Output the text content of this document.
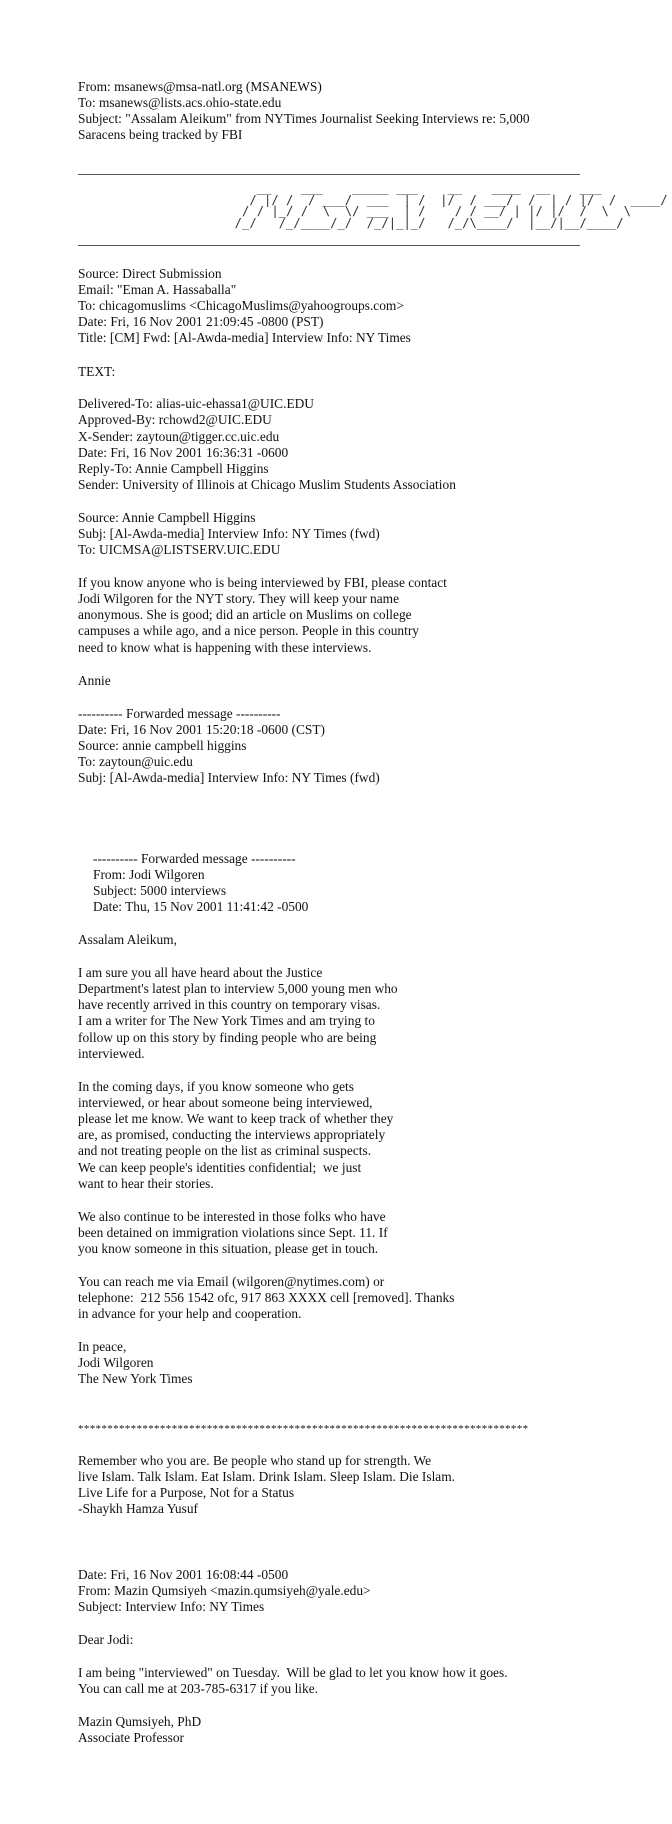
From: msanews@msa-natl.org (MSANEWS)
To: msanews@lists.acs.ohio-state.edu
Subject: "Assalam Aleikum" from NYTimes Journalist Seeking Interviews re: 5,000
Saracens being tracked by FBI
__    ___    _____ ___    __    ____  __    ___
/ |/ /  / ___/  ___  | /  |/  / ___/  /  | / |/  /  ____/
/ / |_/ /  \  \/ ___  | /    / / __/ | |/ |/  /  \  \
/_/   /_/____/_/  /_/|_|_/   /_/\____/  |__/|__/____/
Source: Direct Submission
Email: "Eman A. Hassaballa"
To: chicagomuslims <ChicagoMuslims@yahoogroups.com>
Date: Fri, 16 Nov 2001 21:09:45 -0800 (PST)
Title: [CM] Fwd: [Al-Awda-media] Interview Info: NY Times
TEXT:
Delivered-To: alias-uic-ehassa1@UIC.EDU
Approved-By: rchowd2@UIC.EDU
X-Sender: zaytoun@tigger.cc.uic.edu
Date: Fri, 16 Nov 2001 16:36:31 -0600
Reply-To: Annie Campbell Higgins
Sender: University of Illinois at Chicago Muslim Students Association
Source: Annie Campbell Higgins
Subj: [Al-Awda-media] Interview Info: NY Times (fwd)
To: UICMSA@LISTSERV.UIC.EDU
If you know anyone who is being interviewed by FBI, please contact
Jodi Wilgoren for the NYT story. They will keep your name
anonymous. She is good; did an article on Muslims on college
campuses a while ago, and a nice person. People in this country
need to know what is happening with these interviews.
Annie
---------- Forwarded message ----------
Date: Fri, 16 Nov 2001 15:20:18 -0600 (CST)
Source: annie campbell higgins
To: zaytoun@uic.edu
Subj: [Al-Awda-media] Interview Info: NY Times (fwd)
---------- Forwarded message ----------
From: Jodi Wilgoren
Subject: 5000 interviews
Date: Thu, 15 Nov 2001 11:41:42 -0500
Assalam Aleikum,
I am sure you all have heard about the Justice
Department's latest plan to interview 5,000 young men who
have recently arrived in this country on temporary visas.
I am a writer for The New York Times and am trying to
follow up on this story by finding people who are being
interviewed.
In the coming days, if you know someone who gets
interviewed, or hear about someone being interviewed,
please let me know. We want to keep track of whether they
are, as promised, conducting the interviews appropriately
and not treating people on the list as criminal suspects.
We can keep people's identities confidential;  we just
want to hear their stories.
We also continue to be interested in those folks who have
been detained on immigration violations since Sept. 11. If
you know someone in this situation, please get in touch.
You can reach me via Email (wilgoren@nytimes.com) or
telephone:  212 556 1542 ofc, 917 863 XXXX cell [removed]. Thanks
in advance for your help and cooperation.
In peace,
Jodi Wilgoren
The New York Times
*****************************************************************************
Remember who you are. Be people who stand up for strength. We
live Islam. Talk Islam. Eat Islam. Drink Islam. Sleep Islam. Die Islam.
Live Life for a Purpose, Not for a Status
-Shaykh Hamza Yusuf
Date: Fri, 16 Nov 2001 16:08:44 -0500
From: Mazin Qumsiyeh <mazin.qumsiyeh@yale.edu>
Subject: Interview Info: NY Times
Dear Jodi:
I am being "interviewed" on Tuesday.  Will be glad to let you know how it goes.
You can call me at 203-785-6317 if you like.
Mazin Qumsiyeh, PhD
Associate Professor
